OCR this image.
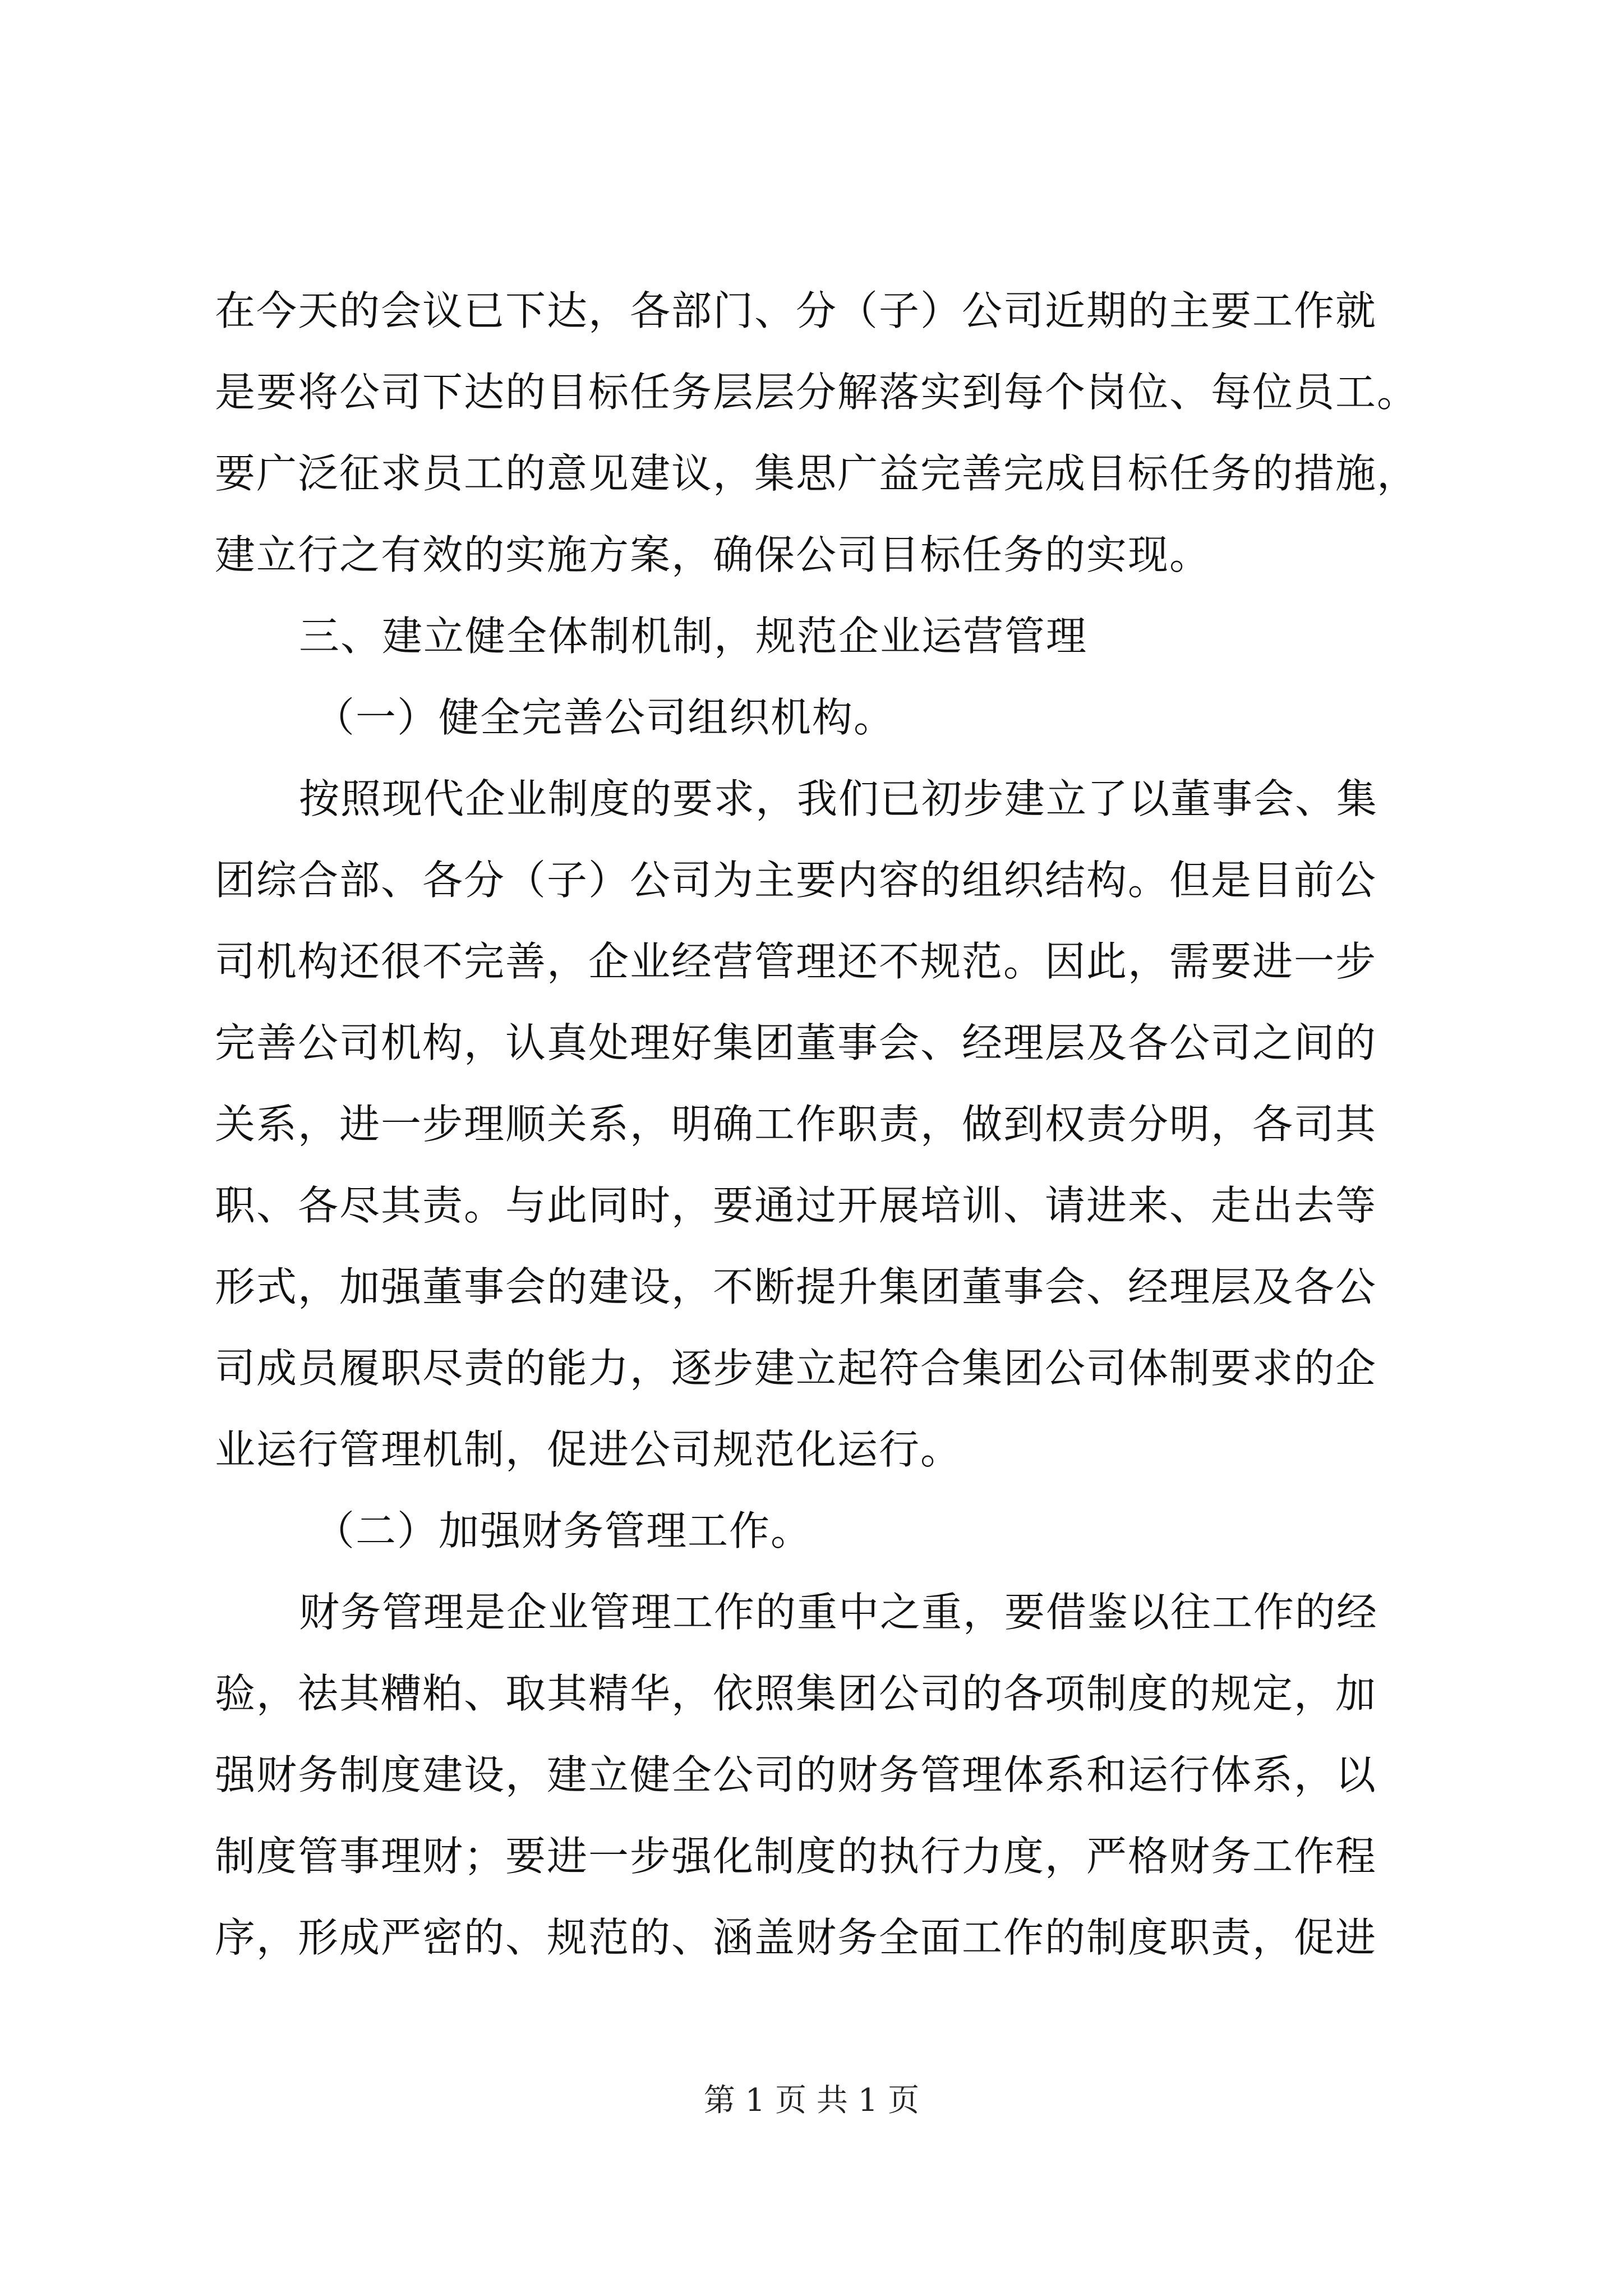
在今天的会议已下达，各部门、分（子）公司近期的主要工作就
是要将公司下达的目标任务层层分解落实到每个岗位、每位员工。
要广泛征求员工的意见建议，集思广益完善完成目标任务的措施，
建立行之有效的实施方案，确保公司目标任务的实现。
三、建立健全体制机制，规范企业运营管理
（一）健全完善公司组织机构。
按照现代企业制度的要求，我们已初步建立了以董事会、集
团综合部、各分（子）公司为主要内容的组织结构。但是目前公
司机构还很不完善，企业经营管理还不规范。因此，需要进一步
完善公司机构，认真处理好集团董事会、经理层及各公司之间的
关系，进一步理顺关系，明确工作职责，做到权责分明，各司其
职、各尽其责。与此同时，要通过开展培训、请进来、走出去等
形式，加强董事会的建设，不断提升集团董事会、经理层及各公
司成员履职尽责的能力，逐步建立起符合集团公司体制要求的企
业运行管理机制，促进公司规范化运行。
（二）加强财务管理工作。
财务管理是企业管理工作的重中之重，要借鉴以往工作的经
验，祛其糟粕、取其精华，依照集团公司的各项制度的规定，加
强财务制度建设，建立健全公司的财务管理体系和运行体系，以
制度管事理财；要进一步强化制度的执行力度，严格财务工作程
序，形成严密的、规范的、涵盖财务全面工作的制度职责，促进
第 1 页 共 1 页
